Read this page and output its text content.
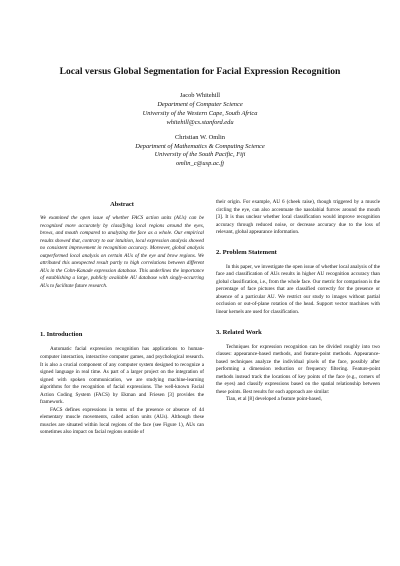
Local versus Global Segmentation for Facial Expression Recognition
Jacob Whitehill
Department of Computer Science
University of the Western Cape, South Africa
whitehill@cs.stanford.edu
Christian W. Omlin
Department of Mathematics & Computing Science
University of the South Pacific, Fiji
omlin_c@usp.ac.fj
Abstract

We examined the open issue of whether FACS action units (AUs) can be recognized more accurately by classifying local regions around the eyes, brows, and mouth compared to analyzing the face as a whole. Our empirical results showed that, contrary to our intuition, local expression analysis showed no consistent improvement in recognition accuracy. Moreover, global analysis outperformed local analysis on certain AUs of the eye and brow regions. We attributed this unexpected result partly to high correlations between different AUs in the Cohn-Kanade expression database. This underlines the importance of establishing a large, publicly available AU database with singly-occurring AUs to facilitate future research.

1. Introduction

Automatic facial expression recognition has applications to human-computer interaction, interactive computer games, and psychological research. It is also a crucial component of any computer system designed to recognize a signed language in real time. As part of a larger project on the integration of signed with spoken communication, we are studying machine-learning algorithms for the recognition of facial expressions. The well-known Facial Action Coding System (FACS) by Ekman and Friesen [3] provides the framework.

FACS defines expressions in terms of the presence or absence of 44 elementary muscle movements, called action units (AUs). Although these muscles are situated within local regions of the face (see Figure 1), AUs can sometimes also impact on facial regions outside of

their origin. For example, AU 6 (cheek raise), though triggered by a muscle circling the eye, can also accentuate the nasolabial furrow around the mouth [3]. It is thus unclear whether local classification would improve recognition accuracy through reduced noise, or decrease accuracy due to the loss of relevant, global appearance information.

2. Problem Statement

In this paper, we investigate the open issue of whether local analysis of the face and classification of AUs results in higher AU recognition accuracy than global classification, i.e., from the whole face. Our metric for comparison is the percentage of face pictures that are classified correctly for the presence or absence of a particular AU. We restrict our study to images without partial occlusion or out-of-plane rotation of the head. Support vector machines with linear kernels are used for classification.

3. Related Work

Techniques for expression recognition can be divided roughly into two classes: appearance-based methods, and feature-point methods. Appearance-based techniques analyze the individual pixels of the face, possibly after performing a dimension reduction or frequency filtering. Feature-point methods instead track the locations of key points of the face (e.g., corners of the eyes) and classify expressions based on the spatial relationship between these points. Best results for each approach are similar:

Tian, et al [8] developed a feature point-based,
